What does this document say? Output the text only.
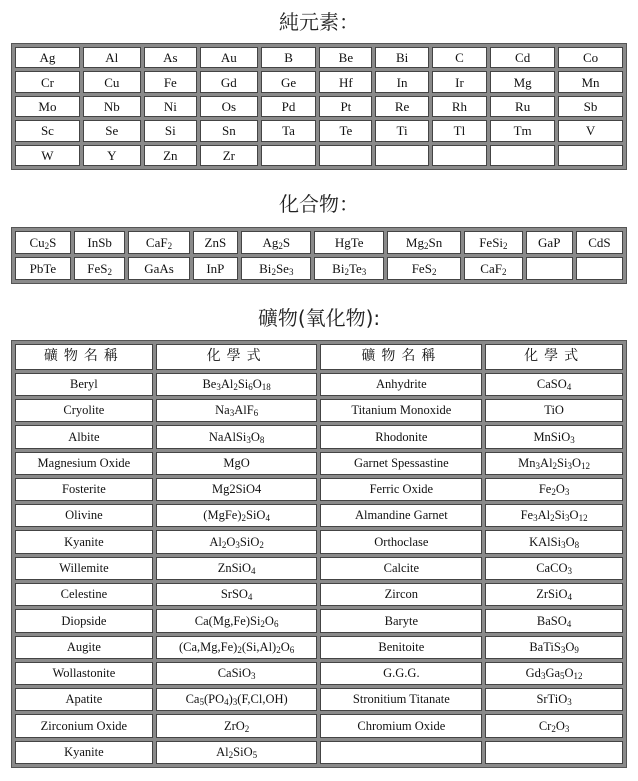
純元素：
Ag	Al	As	Au	B	Be	Bi	C	Cd	Co
Cr	Cu	Fe	Gd	Ge	Hf	In	Ir	Mg	Mn
Mo	Nb	Ni	Os	Pd	Pt	Re	Rh	Ru	Sb
Sc	Se	Si	Sn	Ta	Te	Ti	Tl	Tm	V
W	Y	Zn	Zr						
化合物：
$Cu_2S$	InSb	CaF$_2$	ZnS	$Ag_2S$	HgTe	$Mg_2Sn$	FeSi$_2$	GaP	CdS
PbTe	FeS$_2$	GaAs	InP	$Bi_2Se_3$	$Bi_2Te_3$	FeS$_2$	CaF$_2$		
礦物(氧化物):
礦物名稱	化學式	礦物名稱	化學式
Beryl	$Be_3Al_2Si_6O_{18}$	Anhydrite	CaSO$_4$
Cryolite	$Na_3AlF_6$	Titanium Monoxide	TiO
Albite	$NaAlSi_3O_8$	Rhodonite	MnSiO$_3$
Magnesium Oxide	MgO	Garnet Spessastine	$Mn_3Al_2Si_3O_{12}$
Fosterite	Mg2SiO4	Ferric Oxide	$Fe_2O_3$
Olivine	$(MgFe)_2SiO_4$	Almandine Garnet	$Fe_3Al_2Si_3O_{12}$
Kyanite	$Al_2O_3SiO_2$	Orthoclase	$KAlSi_3O_8$
Willemite	ZnSiO$_4$	Calcite	CaCO$_3$
Celestine	SrSO$_4$	Zircon	ZrSiO$_4$
Diopside	$Ca(Mg,Fe)Si_2O_6$	Baryte	BaSO$_4$
Augite	$(Ca,Mg,Fe)_2(Si,Al)_2O_6$	Benitoite	$BaTiS_3O_9$
Wollastonite	CaSiO$_3$	G.G.G.	$Gd_3Ga_5O_{12}$
Apatite	$Ca_5(PO_4)_3(F,Cl,OH)$	Stronitium Titanate	SrTiO$_3$
Zirconium Oxide	ZrO$_2$	Chromium Oxide	$Cr_2O_3$
Kyanite	$Al_2SiO_5$		
